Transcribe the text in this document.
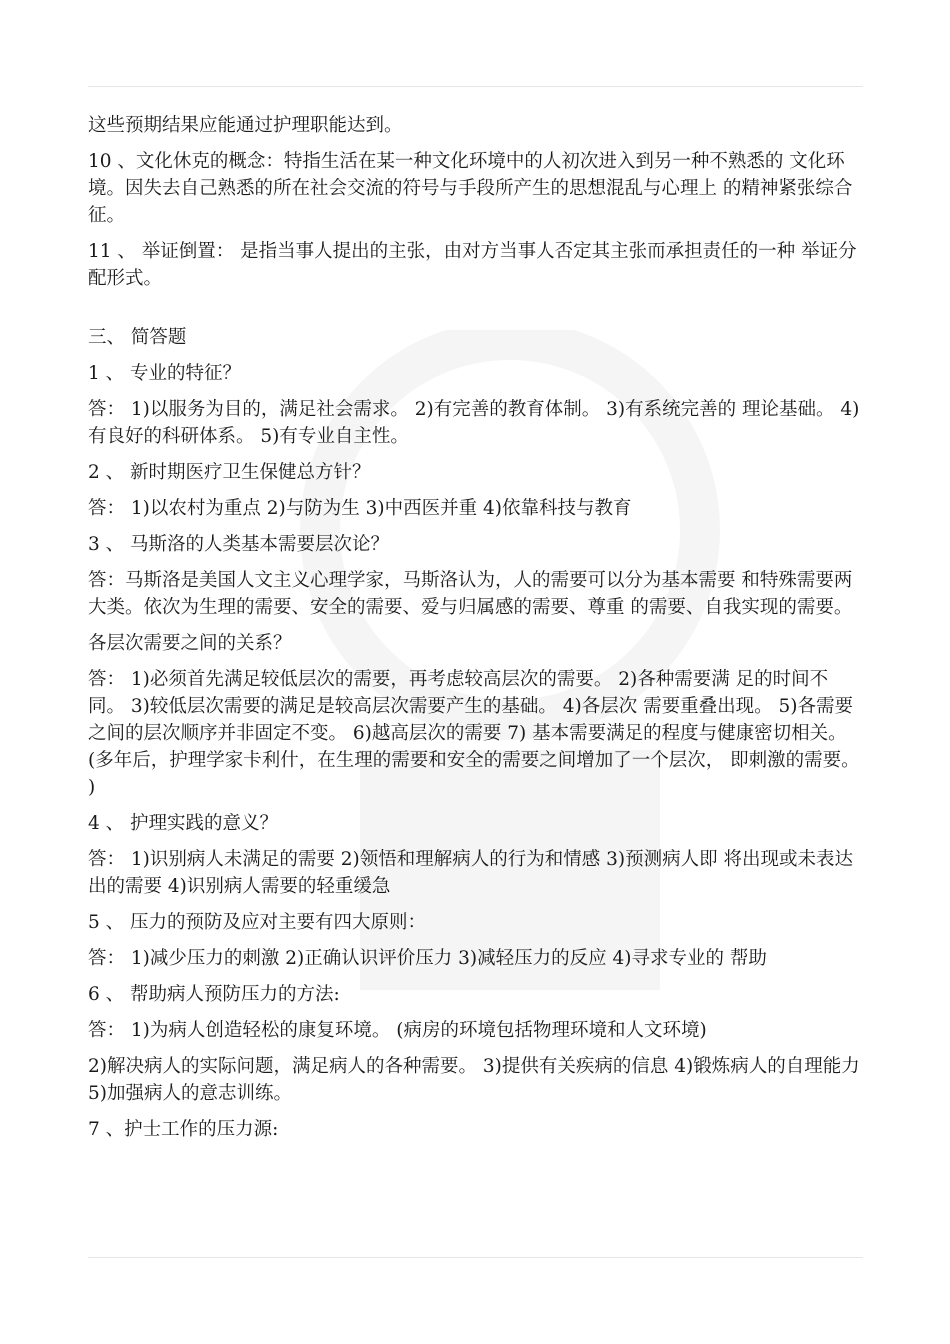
这些预期结果应能通过护理职能达到。

10 、文化休克的概念：特指生活在某一种文化环境中的人初次进入到另一种不熟悉的 文化环境。因失去自己熟悉的所在社会交流的符号与手段所产生的思想混乱与心理上 的精神紧张综合征。

11 、 举证倒置： 是指当事人提出的主张，由对方当事人否定其主张而承担责任的一种 举证分配形式。

三、 简答题

1 、 专业的特征？

答： 1)以服务为目的，满足社会需求。 2)有完善的教育体制。 3)有系统完善的 理论基础。 4)有良好的科研体系。 5)有专业自主性。

2 、 新时期医疗卫生保健总方针？

答： 1)以农村为重点 2)与防为生 3)中西医并重 4)依靠科技与教育

3 、 马斯洛的人类基本需要层次论？

答：马斯洛是美国人文主义心理学家，马斯洛认为，人的需要可以分为基本需要 和特殊需要两大类。依次为生理的需要、安全的需要、爱与归属感的需要、尊重 的需要、自我实现的需要。

各层次需要之间的关系？

答： 1)必须首先满足较低层次的需要，再考虑较高层次的需要。 2)各种需要满 足的时间不同。 3)较低层次需要的满足是较高层次需要产生的基础。 4)各层次 需要重叠出现。 5)各需要之间的层次顺序并非固定不变。 6)越高层次的需要 7) 基本需要满足的程度与健康密切相关。(多年后，护理学家卡利什，在生理的需要和安全的需要之间增加了一个层次， 即刺激的需要。 )

4 、 护理实践的意义？

答： 1)识别病人未满足的需要 2)领悟和理解病人的行为和情感 3)预测病人即 将出现或未表达出的需要 4)识别病人需要的轻重缓急

5 、 压力的预防及应对主要有四大原则：

答： 1)减少压力的刺激 2)正确认识评价压力 3)减轻压力的反应 4)寻求专业的 帮助

6 、 帮助病人预防压力的方法:

答： 1)为病人创造轻松的康复环境。 (病房的环境包括物理环境和人文环境)

2)解决病人的实际问题，满足病人的各种需要。 3)提供有关疾病的信息 4)锻炼病人的自理能力 5)加强病人的意志训练。

7 、护士工作的压力源:
